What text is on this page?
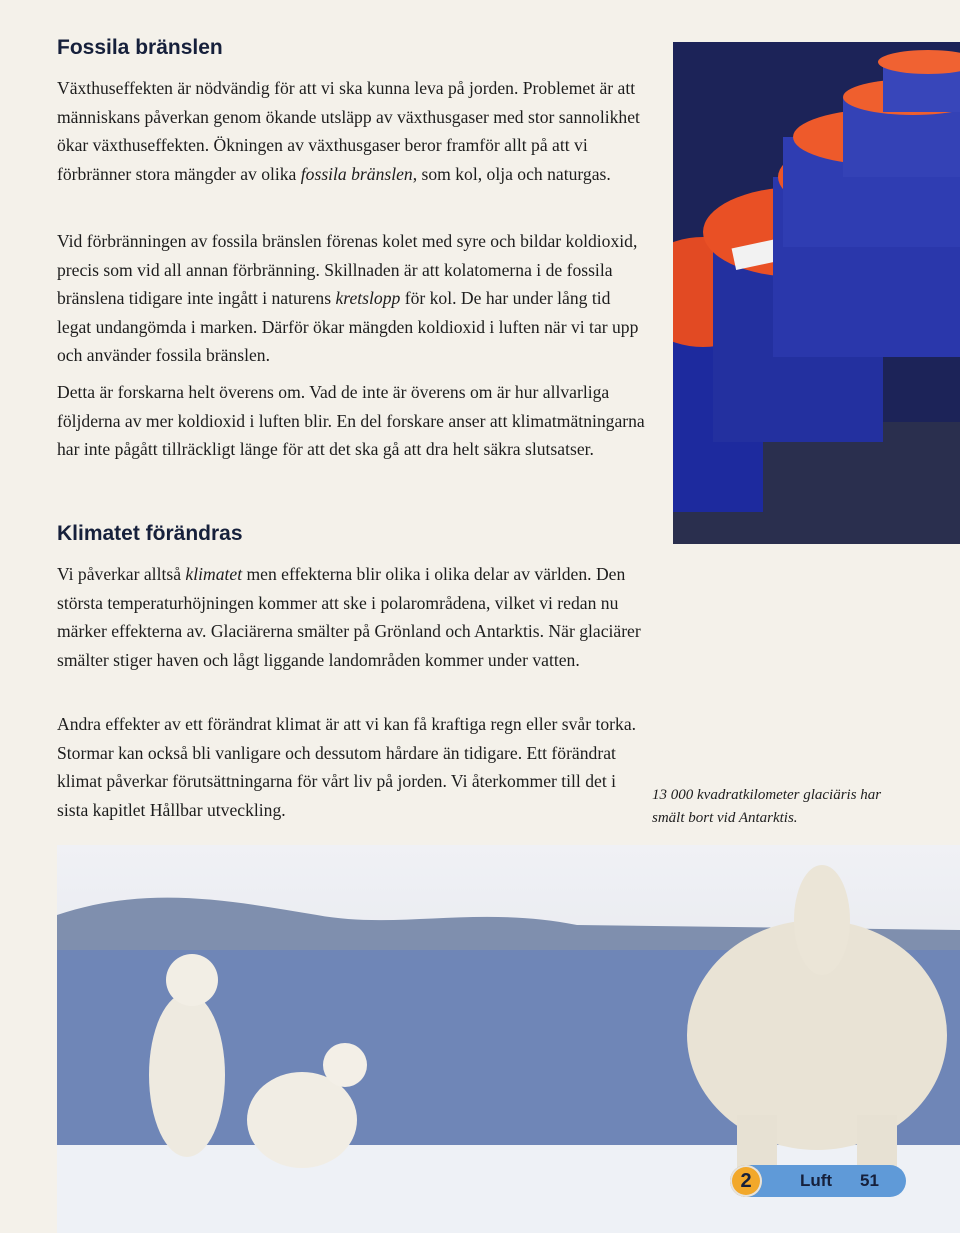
Fossila bränslen

Växthuseffekten är nödvändig för att vi ska kunna leva på jorden. Problemet är att människans påverkan genom ökande utsläpp av växthusgaser med stor sannolikhet ökar växthuseffekten. Ökningen av växthusgaser beror framför allt på att vi förbränner stora mängder av olika fossila bränslen, som kol, olja och naturgas.

Vid förbränningen av fossila bränslen förenas kolet med syre och bildar koldioxid, precis som vid all annan förbränning. Skillnaden är att kolatomerna i de fossila bränslena tidigare inte ingått i naturens kretslopp för kol. De har under lång tid legat undangömda i marken. Därför ökar mängden koldioxid i luften när vi tar upp och använder fossila bränslen.

Detta är forskarna helt överens om. Vad de inte är överens om är hur allvarliga följderna av mer koldioxid i luften blir. En del forskare anser att klimatmätningarna har inte pågått tillräckligt länge för att det ska gå att dra helt säkra slutsatser.

Klimatet förändras

Vi påverkar alltså klimatet men effekterna blir olika i olika delar av världen. Den största temperaturhöjningen kommer att ske i polarområdena, vilket vi redan nu märker effekterna av. Glaciärerna smälter på Grönland och Antarktis. När glaciärer smälter stiger haven och lågt liggande landområden kommer under vatten.

Andra effekter av ett förändrat klimat är att vi kan få kraftiga regn eller svår torka. Stormar kan också bli vanligare och dessutom hårdare än tidigare. Ett förändrat klimat påverkar förutsättningarna för vårt liv på jorden. Vi återkommer till det i sista kapitlet Hållbar utveckling.

13 000 kvadratkilometer glaciäris har smält bort vid Antarktis.

2	Luft 51
